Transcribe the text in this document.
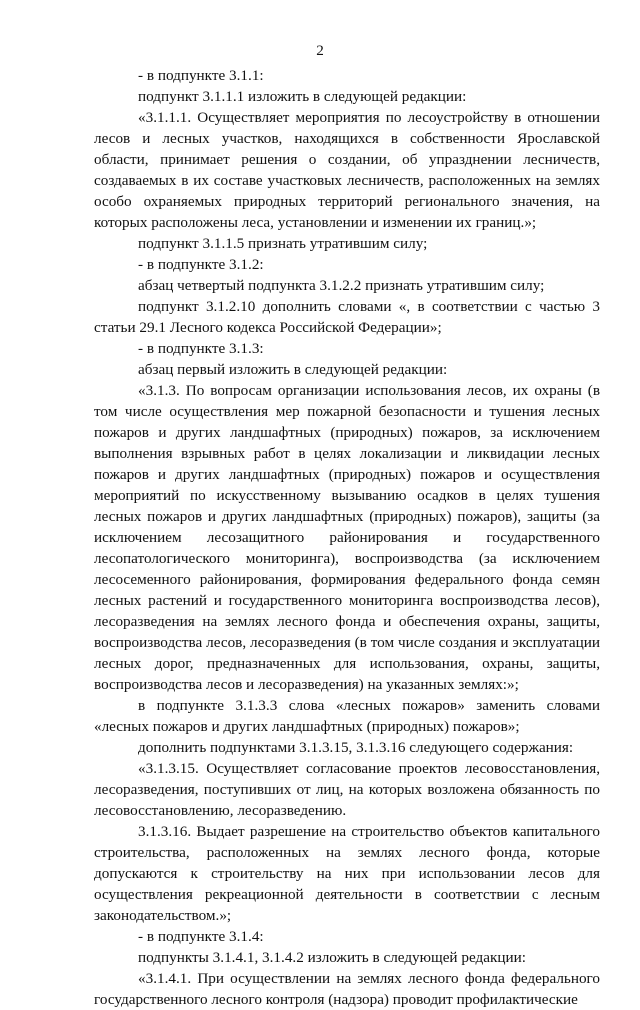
2

- в подпункте 3.1.1:

подпункт 3.1.1.1 изложить в следующей редакции:

«3.1.1.1. Осуществляет мероприятия по лесоустройству в отношении лесов и лесных участков, находящихся в собственности Ярославской области, принимает решения о создании, об упразднении лесничеств, создаваемых в их составе участковых лесничеств, расположенных на землях особо охраняемых природных территорий регионального значения, на которых расположены леса, установлении и изменении их границ.»;

подпункт 3.1.1.5 признать утратившим силу;

- в подпункте 3.1.2:

абзац четвертый подпункта 3.1.2.2 признать утратившим силу;

подпункт 3.1.2.10 дополнить словами «, в соответствии с частью 3 статьи 29.1 Лесного кодекса Российской Федерации»;

- в подпункте 3.1.3:

абзац первый изложить в следующей редакции:

«3.1.3. По вопросам организации использования лесов, их охраны (в том числе осуществления мер пожарной безопасности и тушения лесных пожаров и других ландшафтных (природных) пожаров, за исключением выполнения взрывных работ в целях локализации и ликвидации лесных пожаров и других ландшафтных (природных) пожаров и осуществления мероприятий по искусственному вызыванию осадков в целях тушения лесных пожаров и других ландшафтных (природных) пожаров), защиты (за исключением лесозащитного районирования и государственного лесопатологического мониторинга), воспроизводства (за исключением лесосеменного районирования, формирования федерального фонда семян лесных растений и государственного мониторинга воспроизводства лесов), лесоразведения на землях лесного фонда и обеспечения охраны, защиты, воспроизводства лесов, лесоразведения (в том числе создания и эксплуатации лесных дорог, предназначенных для использования, охраны, защиты, воспроизводства лесов и лесоразведения) на указанных землях:»;

в подпункте 3.1.3.3 слова «лесных пожаров» заменить словами «лесных пожаров и других ландшафтных (природных) пожаров»;

дополнить подпунктами 3.1.3.15, 3.1.3.16 следующего содержания:

«3.1.3.15. Осуществляет согласование проектов лесовосстановления, лесоразведения, поступивших от лиц, на которых возложена обязанность по лесовосстановлению, лесоразведению.

3.1.3.16. Выдает разрешение на строительство объектов капитального строительства, расположенных на землях лесного фонда, которые допускаются к строительству на них при использовании лесов для осуществления рекреационной деятельности в соответствии с лесным законодательством.»;

- в подпункте 3.1.4:

подпункты 3.1.4.1, 3.1.4.2 изложить в следующей редакции:

«3.1.4.1. При осуществлении на землях лесного фонда федерального государственного лесного контроля (надзора) проводит профилактические
